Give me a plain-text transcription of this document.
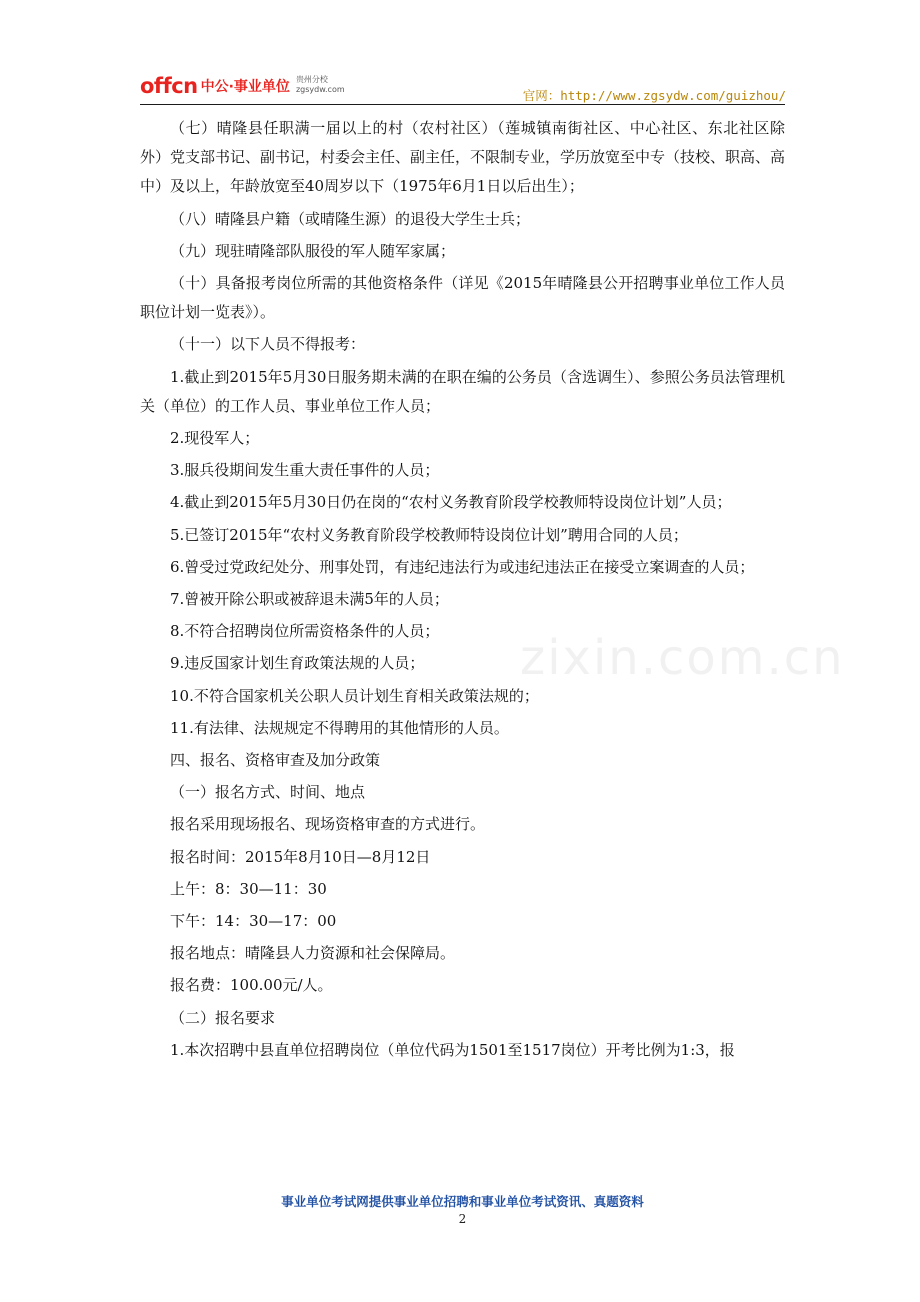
offcn 中公·事业单位 贵州分校
zgsydw.com	官网：http://www.zgsydw.com/guizhou/
zixin.com.cn

（七）晴隆县任职满一届以上的村（农村社区）（莲城镇南街社区、中心社区、东北社区除外）党支部书记、副书记，村委会主任、副主任，不限制专业，学历放宽至中专（技校、职高、高中）及以上，年龄放宽至40周岁以下（1975年6月1日以后出生）；

（八）晴隆县户籍（或晴隆生源）的退役大学生士兵；

（九）现驻晴隆部队服役的军人随军家属；

（十）具备报考岗位所需的其他资格条件（详见《2015年晴隆县公开招聘事业单位工作人员职位计划一览表》）。

（十一）以下人员不得报考：

1.截止到2015年5月30日服务期未满的在职在编的公务员（含选调生）、参照公务员法管理机关（单位）的工作人员、事业单位工作人员；

2.现役军人；

3.服兵役期间发生重大责任事件的人员；

4.截止到2015年5月30日仍在岗的“农村义务教育阶段学校教师特设岗位计划”人员；

5.已签订2015年“农村义务教育阶段学校教师特设岗位计划”聘用合同的人员；

6.曾受过党政纪处分、刑事处罚，有违纪违法行为或违纪违法正在接受立案调查的人员；

7.曾被开除公职或被辞退未满5年的人员；

8.不符合招聘岗位所需资格条件的人员；

9.违反国家计划生育政策法规的人员；

10.不符合国家机关公职人员计划生育相关政策法规的；

11.有法律、法规规定不得聘用的其他情形的人员。

四、报名、资格审查及加分政策

（一）报名方式、时间、地点

报名采用现场报名、现场资格审查的方式进行。

报名时间：2015年8月10日—8月12日

上午：8：30—11：30

下午：14：30—17：00

报名地点：晴隆县人力资源和社会保障局。

报名费：100.00元/人。

（二）报名要求

1.本次招聘中县直单位招聘岗位（单位代码为1501至1517岗位）开考比例为1:3，报

事业单位考试网提供事业单位招聘和事业单位考试资讯、真题资料
2
